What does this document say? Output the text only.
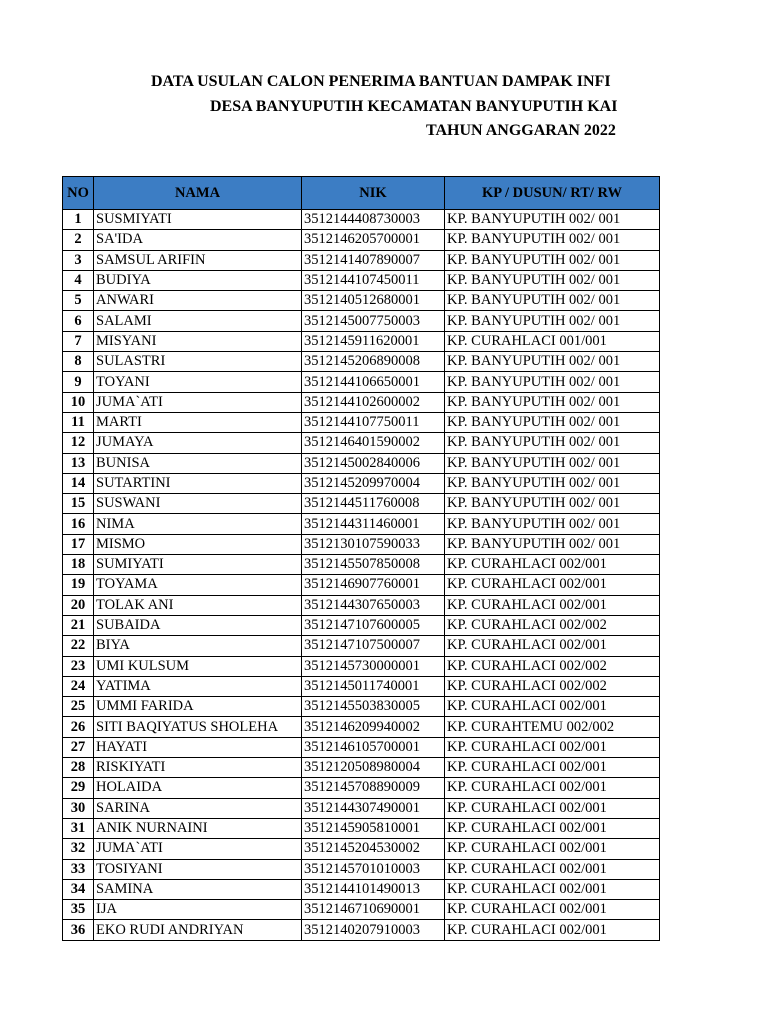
DATA USULAN CALON PENERIMA BANTUAN DAMPAK INFI
DESA BANYUPUTIH KECAMATAN BANYUPUTIH KAI
TAHUN ANGGARAN 2022
NO	NAMA	NIK	KP / DUSUN/ RT/ RW
1	SUSMIYATI	3512144408730003	KP. BANYUPUTIH 002/ 001
2	SA'IDA	3512146205700001	KP. BANYUPUTIH 002/ 001
3	SAMSUL ARIFIN	3512141407890007	KP. BANYUPUTIH 002/ 001
4	BUDIYA	3512144107450011	KP. BANYUPUTIH 002/ 001
5	ANWARI	3512140512680001	KP. BANYUPUTIH 002/ 001
6	SALAMI	3512145007750003	KP. BANYUPUTIH 002/ 001
7	MISYANI	3512145911620001	KP. CURAHLACI 001/001
8	SULASTRI	3512145206890008	KP. BANYUPUTIH 002/ 001
9	TOYANI	3512144106650001	KP. BANYUPUTIH 002/ 001
10	JUMA`ATI	3512144102600002	KP. BANYUPUTIH 002/ 001
11	MARTI	3512144107750011	KP. BANYUPUTIH 002/ 001
12	JUMAYA	3512146401590002	KP. BANYUPUTIH 002/ 001
13	BUNISA	3512145002840006	KP. BANYUPUTIH 002/ 001
14	SUTARTINI	3512145209970004	KP. BANYUPUTIH 002/ 001
15	SUSWANI	3512144511760008	KP. BANYUPUTIH 002/ 001
16	NIMA	3512144311460001	KP. BANYUPUTIH 002/ 001
17	MISMO	3512130107590033	KP. BANYUPUTIH 002/ 001
18	SUMIYATI	3512145507850008	KP. CURAHLACI 002/001
19	TOYAMA	3512146907760001	KP. CURAHLACI 002/001
20	TOLAK ANI	3512144307650003	KP. CURAHLACI 002/001
21	SUBAIDA	3512147107600005	KP. CURAHLACI 002/002
22	BIYA	3512147107500007	KP. CURAHLACI 002/001
23	UMI KULSUM	3512145730000001	KP. CURAHLACI 002/002
24	YATIMA	3512145011740001	KP. CURAHLACI 002/002
25	UMMI FARIDA	3512145503830005	KP. CURAHLACI 002/001
26	SITI BAQIYATUS SHOLEHA	3512146209940002	KP. CURAHTEMU 002/002
27	HAYATI	3512146105700001	KP. CURAHLACI 002/001
28	RISKIYATI	3512120508980004	KP. CURAHLACI 002/001
29	HOLAIDA	3512145708890009	KP. CURAHLACI 002/001
30	SARINA	3512144307490001	KP. CURAHLACI 002/001
31	ANIK NURNAINI	3512145905810001	KP. CURAHLACI 002/001
32	JUMA`ATI	3512145204530002	KP. CURAHLACI 002/001
33	TOSIYANI	3512145701010003	KP. CURAHLACI 002/001
34	SAMINA	3512144101490013	KP. CURAHLACI 002/001
35	IJA	3512146710690001	KP. CURAHLACI 002/001
36	EKO RUDI ANDRIYAN	3512140207910003	KP. CURAHLACI 002/001
